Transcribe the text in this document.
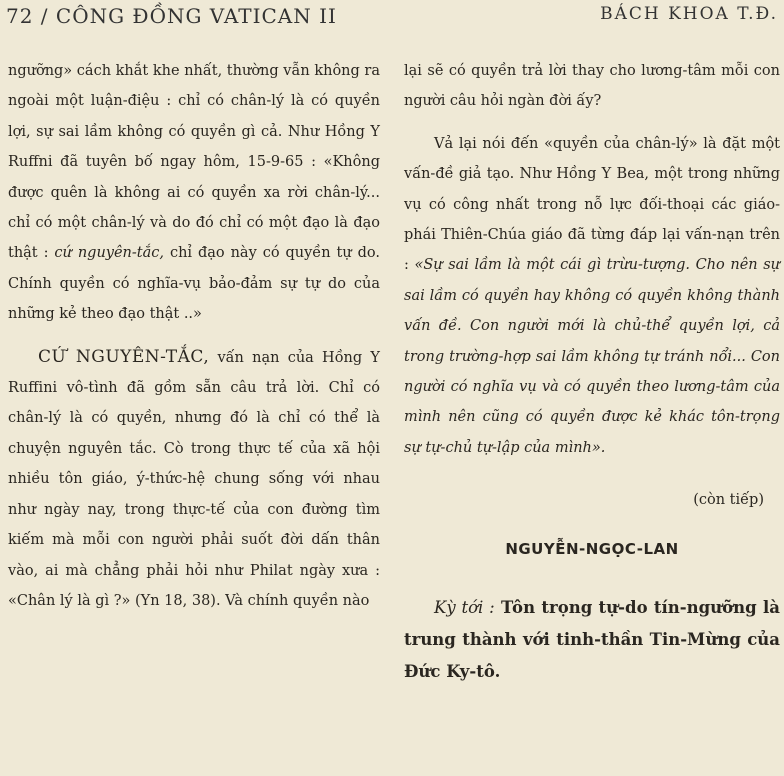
72 / CÔNG ĐỒNG VATICAN II	BÁCH KHOA T.Đ.

ngưỡng» cách khắt khe nhất, thường vẫn không ra ngoài một luận-điệu : chỉ có chân-lý là có quyền lợi, sự sai lầm không có quyền gì cả. Như Hồng Y Ruffni đã tuyên bố ngay hôm, 15-9-65 : «Không được quên là không ai có quyền xa rời chân-lý... chỉ có một chân-lý và do đó chỉ có một đạo là đạo thật : cứ nguyên-tắc, chỉ đạo này có quyền tự do. Chính quyền có nghĩa-vụ bảo-đảm sự tự do của những kẻ theo đạo thật ..»

CỨ NGUYÊN-TẮC, vấn nạn của Hồng Y Ruffini vô-tình đã gồm sẵn câu trả lời. Chỉ có chân-lý là có quyền, nhưng đó là chỉ có thể là chuyện nguyên tắc. Cò trong thực tế của xã hội nhiều tôn giáo, ý-thức-hệ chung sống với nhau như ngày nay, trong thực-tế của con đường tìm kiếm mà mỗi con người phải suốt đời dấn thân vào, ai mà chẳng phải hỏi như Philat ngày xưa : «Chân lý là gì ?» (Yn 18, 38). Và chính quyền nào

lại sẽ có quyền trả lời thay cho lương-tâm mỗi con người câu hỏi ngàn đời ấy?

Vả lại nói đến «quyền của chân-lý» là đặt một vấn-đề giả tạo. Như Hồng Y Bea, một trong những vụ có công nhất trong nỗ lực đối-thoại các giáo-phái Thiên-Chúa giáo đã từng đáp lại vấn-nạn trên : «Sự sai lầm là một cái gì trừu-tượng. Cho nên sự sai lầm có quyền hay không có quyền không thành vấn đề. Con người mới là chủ-thể quyền lợi, cả trong trường-hợp sai lầm không tự tránh nổi... Con người có nghĩa vụ và có quyền theo lương-tâm của mình nên cũng có quyền được kẻ khác tôn-trọng sự tự-chủ tự-lập của mình».

(còn tiếp)

NGUYỄN-NGỌC-LAN

Kỳ tới : Tôn trọng tự-do tín-ngưỡng là trung thành với tinh-thần Tin-Mừng của Đức Ky-tô.
